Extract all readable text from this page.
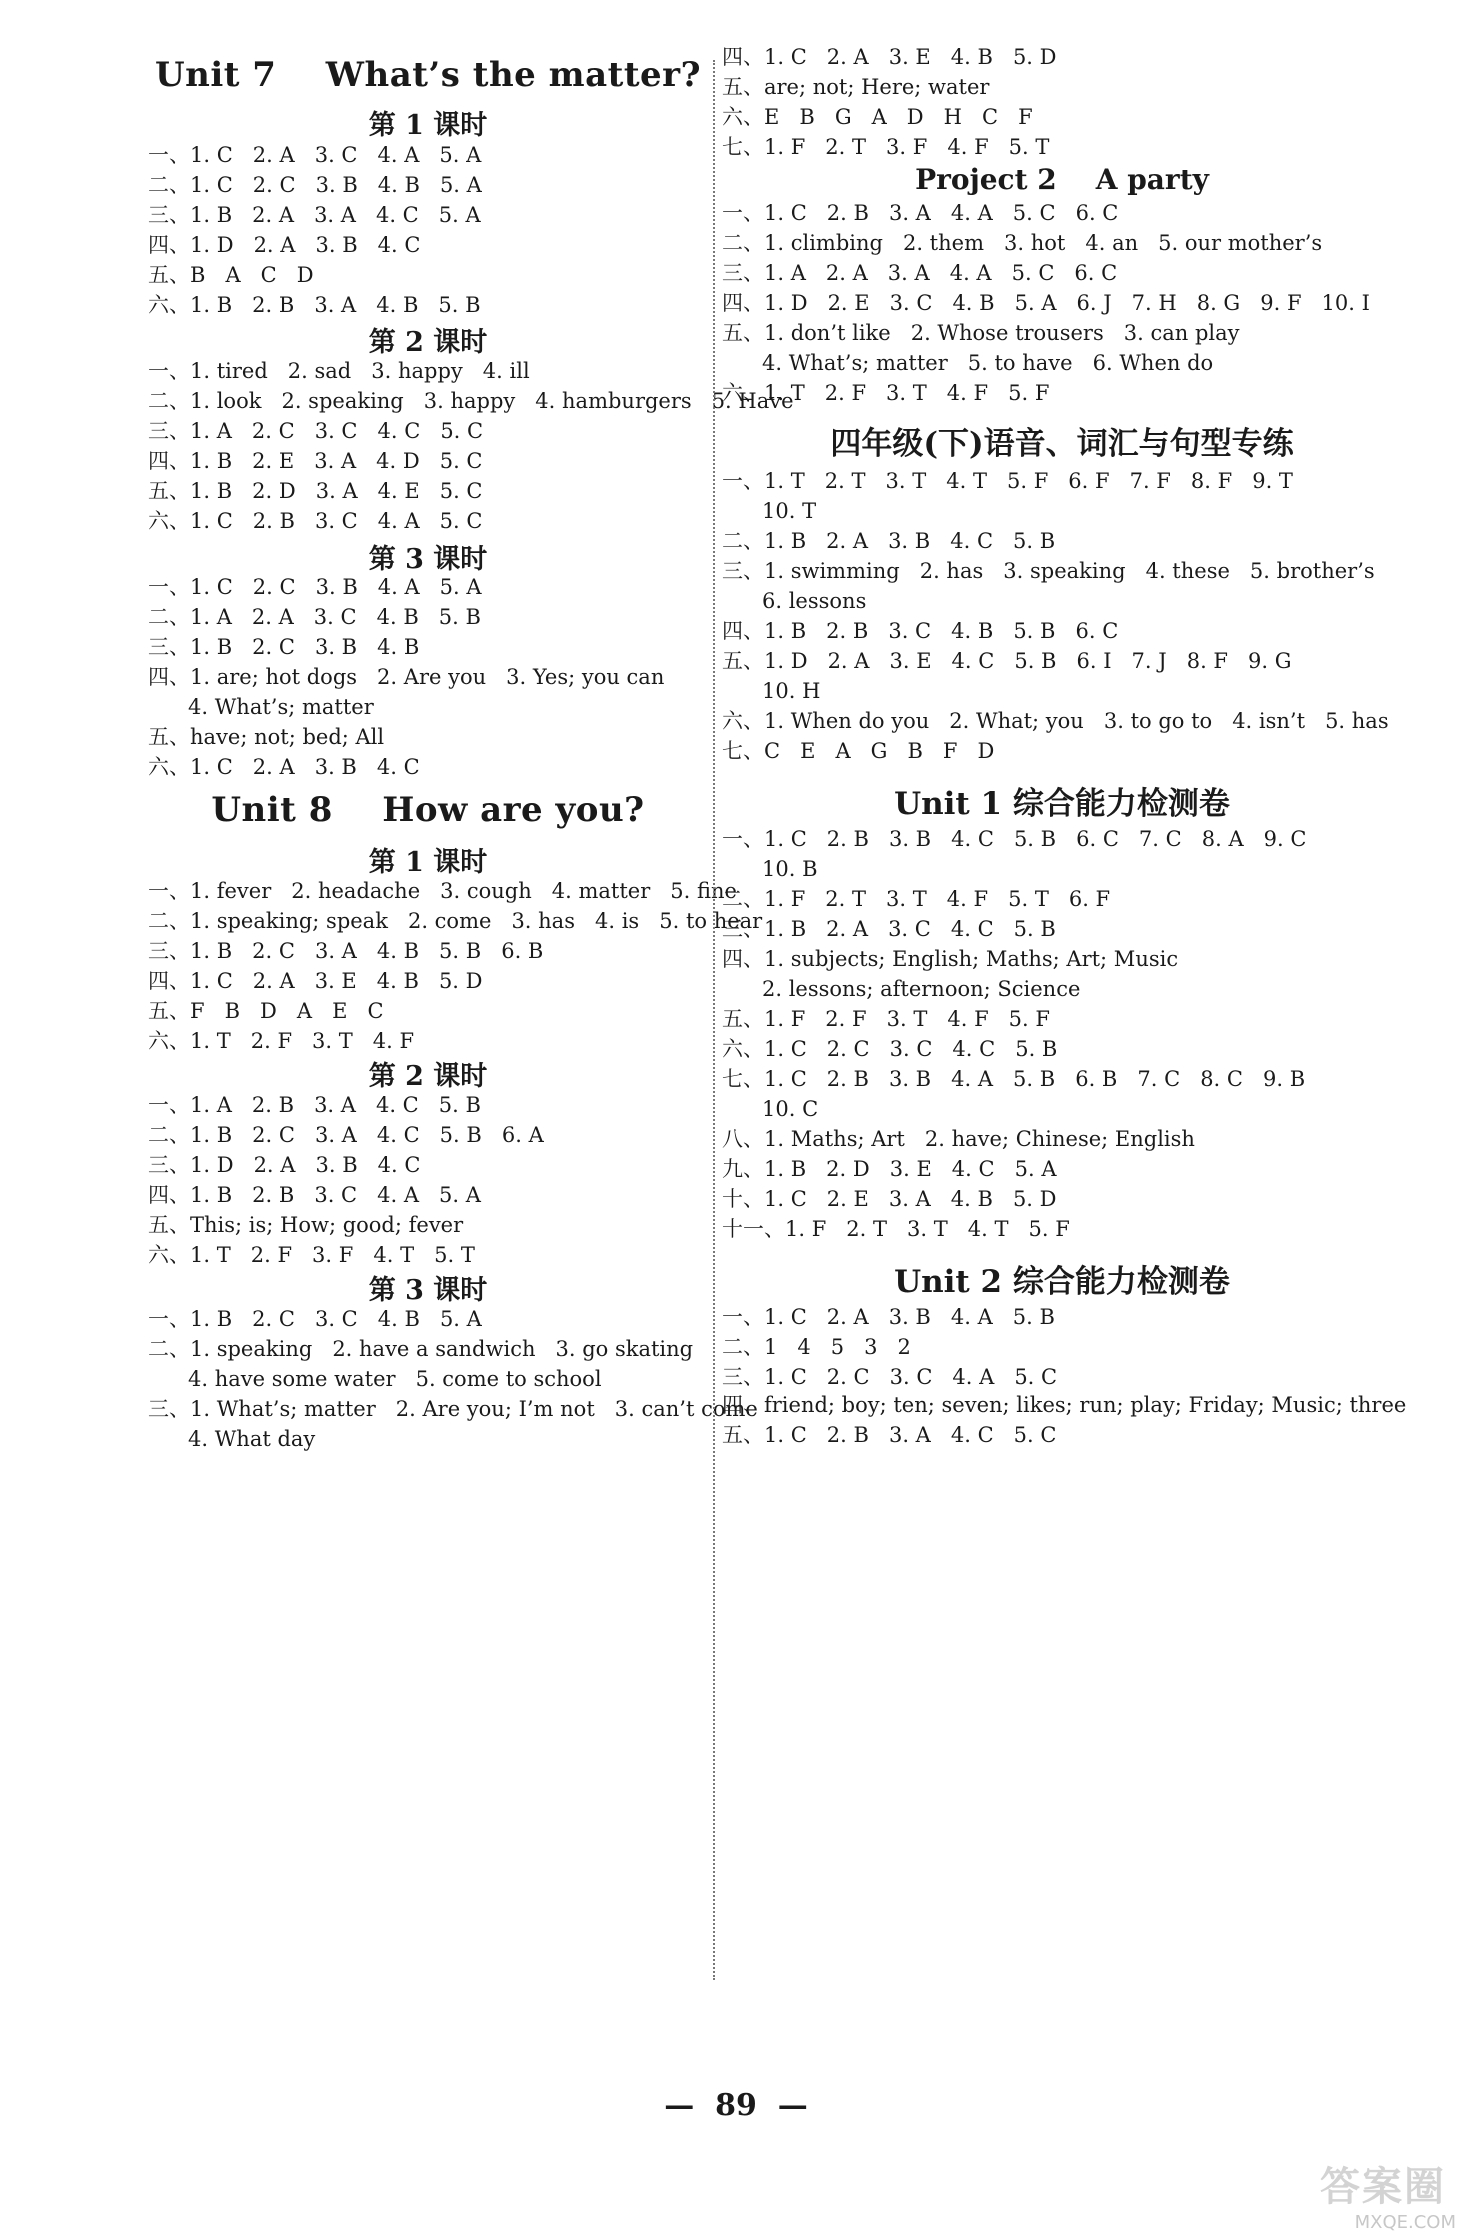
Unit 7    What’s the matter?
第 1 课时
一、1. C   2. A   3. C   4. A   5. A
二、1. C   2. C   3. B   4. B   5. A
三、1. B   2. A   3. A   4. C   5. A
四、1. D   2. A   3. B   4. C
五、B   A   C   D
六、1. B   2. B   3. A   4. B   5. B
第 2 课时
一、1. tired   2. sad   3. happy   4. ill
二、1. look   2. speaking   3. happy   4. hamburgers   5. Have
三、1. A   2. C   3. C   4. C   5. C
四、1. B   2. E   3. A   4. D   5. C
五、1. B   2. D   3. A   4. E   5. C
六、1. C   2. B   3. C   4. A   5. C
第 3 课时
一、1. C   2. C   3. B   4. A   5. A
二、1. A   2. A   3. C   4. B   5. B
三、1. B   2. C   3. B   4. B
四、1. are; hot dogs   2. Are you   3. Yes; you can
4. What’s; matter
五、have; not; bed; All
六、1. C   2. A   3. B   4. C
Unit 8    How are you?
第 1 课时
一、1. fever   2. headache   3. cough   4. matter   5. fine
二、1. speaking; speak   2. come   3. has   4. is   5. to hear
三、1. B   2. C   3. A   4. B   5. B   6. B
四、1. C   2. A   3. E   4. B   5. D
五、F   B   D   A   E   C
六、1. T   2. F   3. T   4. F
第 2 课时
一、1. A   2. B   3. A   4. C   5. B
二、1. B   2. C   3. A   4. C   5. B   6. A
三、1. D   2. A   3. B   4. C
四、1. B   2. B   3. C   4. A   5. A
五、This; is; How; good; fever
六、1. T   2. F   3. F   4. T   5. T
第 3 课时
一、1. B   2. C   3. C   4. B   5. A
二、1. speaking   2. have a sandwich   3. go skating
4. have some water   5. come to school
三、1. What’s; matter   2. Are you; I’m not   3. can’t come
4. What day
四、1. C   2. A   3. E   4. B   5. D
五、are; not; Here; water
六、E   B   G   A   D   H   C   F
七、1. F   2. T   3. F   4. F   5. T
Project 2    A party
一、1. C   2. B   3. A   4. A   5. C   6. C
二、1. climbing   2. them   3. hot   4. an   5. our mother’s
三、1. A   2. A   3. A   4. A   5. C   6. C
四、1. D   2. E   3. C   4. B   5. A   6. J   7. H   8. G   9. F   10. I
五、1. don’t like   2. Whose trousers   3. can play
4. What’s; matter   5. to have   6. When do
六、1. T   2. F   3. T   4. F   5. F
四年级(下)语音、词汇与句型专练
一、1. T   2. T   3. T   4. T   5. F   6. F   7. F   8. F   9. T
10. T
二、1. B   2. A   3. B   4. C   5. B
三、1. swimming   2. has   3. speaking   4. these   5. brother’s
6. lessons
四、1. B   2. B   3. C   4. B   5. B   6. C
五、1. D   2. A   3. E   4. C   5. B   6. I   7. J   8. F   9. G
10. H
六、1. When do you   2. What; you   3. to go to   4. isn’t   5. has
七、C   E   A   G   B   F   D
Unit 1 综合能力检测卷
一、1. C   2. B   3. B   4. C   5. B   6. C   7. C   8. A   9. C
10. B
二、1. F   2. T   3. T   4. F   5. T   6. F
三、1. B   2. A   3. C   4. C   5. B
四、1. subjects; English; Maths; Art; Music
2. lessons; afternoon; Science
五、1. F   2. F   3. T   4. F   5. F
六、1. C   2. C   3. C   4. C   5. B
七、1. C   2. B   3. B   4. A   5. B   6. B   7. C   8. C   9. B
10. C
八、1. Maths; Art   2. have; Chinese; English
九、1. B   2. D   3. E   4. C   5. A
十、1. C   2. E   3. A   4. B   5. D
十一、1. F   2. T   3. T   4. T   5. F
Unit 2 综合能力检测卷
一、1. C   2. A   3. B   4. A   5. B
二、1   4   5   3   2
三、1. C   2. C   3. C   4. A   5. C
四、friend; boy; ten; seven; likes; run; play; Friday; Music; three
五、1. C   2. B   3. A   4. C   5. C
—  89  —
答案圈
MXQE.COM
